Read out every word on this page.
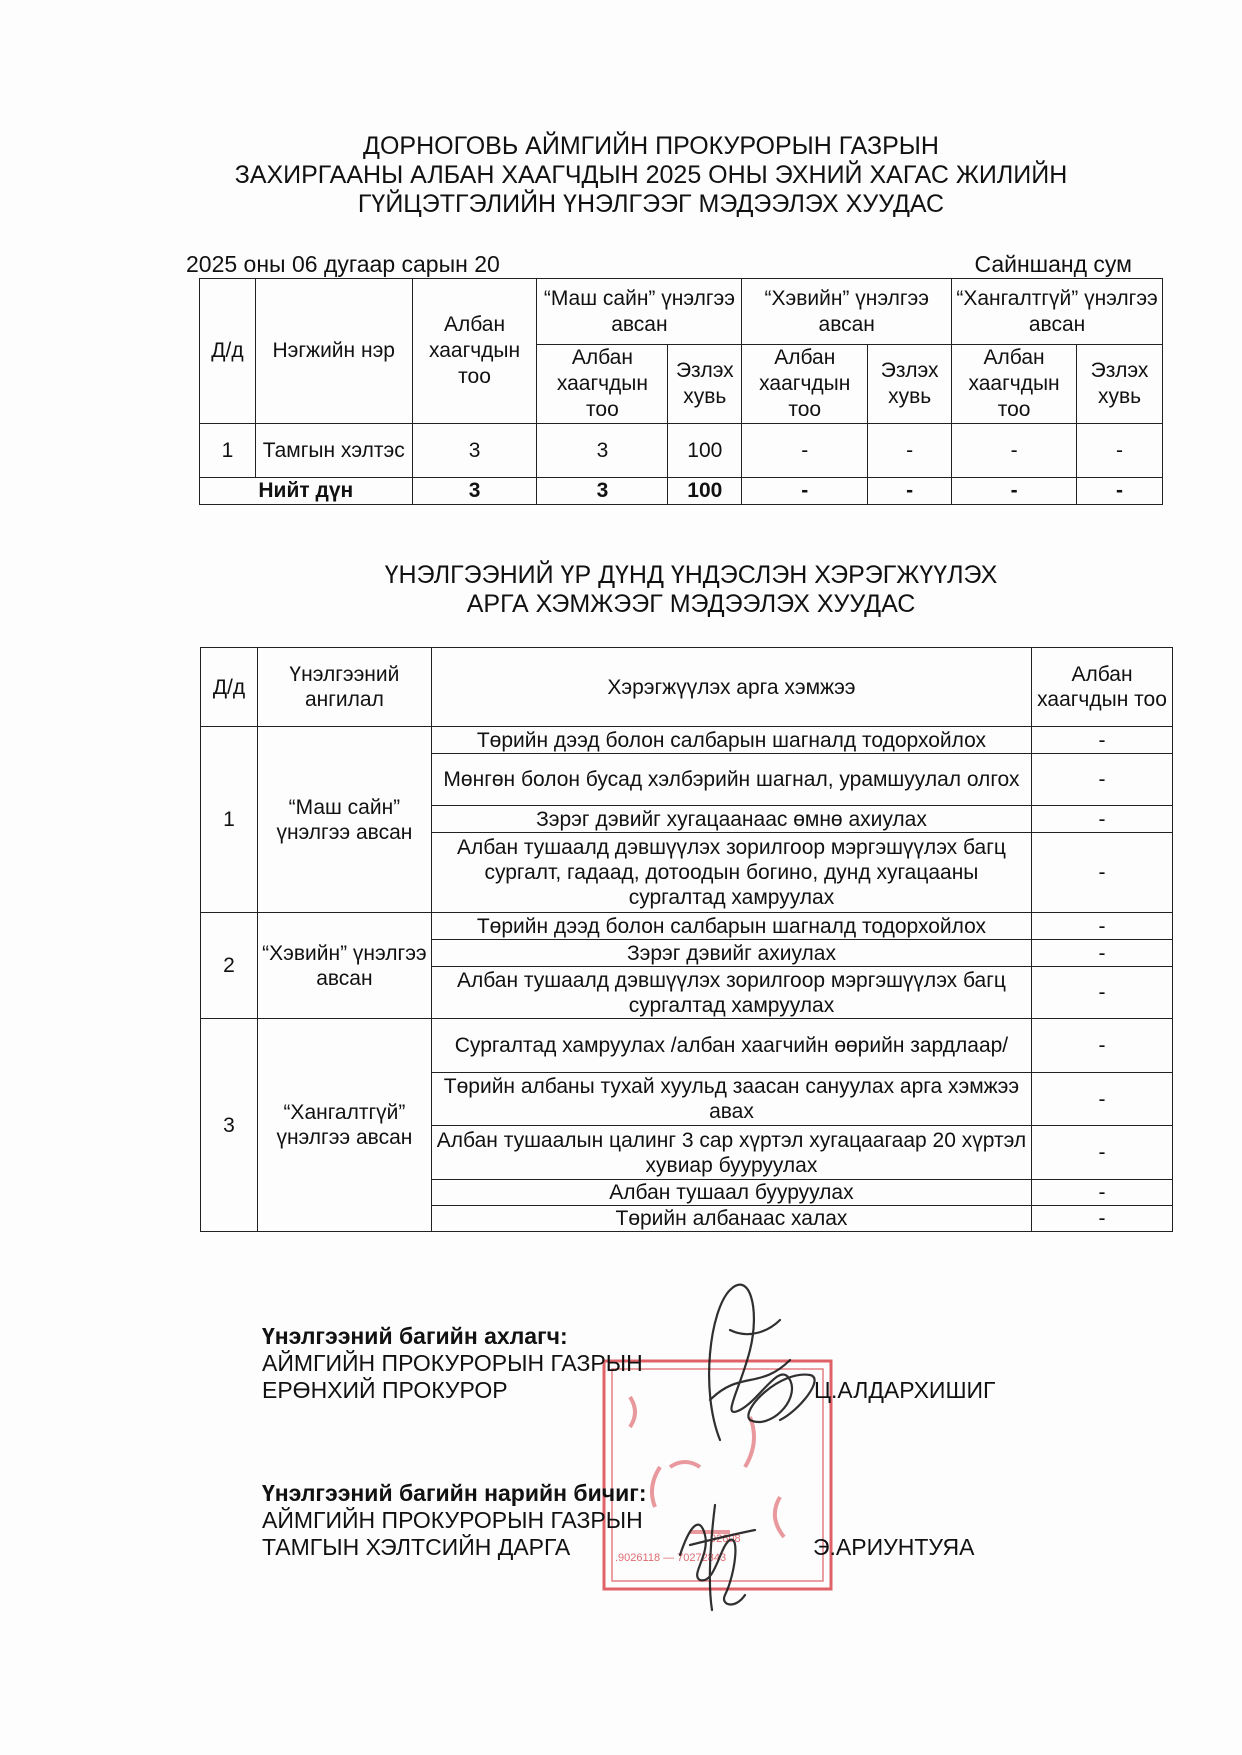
ДОРНОГОВЬ АЙМГИЙН ПРОКУРОРЫН ГАЗРЫН
ЗАХИРГААНЫ АЛБАН ХААГЧДЫН 2025 ОНЫ ЭХНИЙ ХАГАС ЖИЛИЙН
ГҮЙЦЭТГЭЛИЙН ҮНЭЛГЭЭГ МЭДЭЭЛЭХ ХУУДАС
2025 оны 06 дугаар сарын 20	Сайншанд сум
Д/д	Нэгжийн нэр	Албан хаагчдын тоо	“Маш сайн” үнэлгээ авсан		“Хэвийн” үнэлгээ авсан		“Хангалтгүй” үнэлгээ авсан	
			Албан хаагчдын тоо	Эзлэх хувь	Албан хаагчдын тоо	Эзлэх хувь	Албан хаагчдын тоо	Эзлэх хувь
1	Тамгын хэлтэс	3	3	100	-	-	-	-
Нийт дүн		3	3	100	-	-	-	-
ҮНЭЛГЭЭНИЙ ҮР ДҮНД ҮНДЭСЛЭН ХЭРЭГЖҮҮЛЭХ
АРГА ХЭМЖЭЭГ МЭДЭЭЛЭХ ХУУДАС
Д/д	Үнэлгээний ангилал	Хэрэгжүүлэх арга хэмжээ	Албан хаагчдын тоо
1	“Маш сайн” үнэлгээ авсан	Төрийн дээд болон салбарын шагналд тодорхойлох	-
		Мөнгөн болон бусад хэлбэрийн шагнал, урамшуулал олгох	-
		Зэрэг дэвийг хугацаанаас өмнө ахиулах	-
		Албан тушаалд дэвшүүлэх зорилгоор мэргэшүүлэх багц сургалт, гадаад, дотоодын богино, дунд хугацааны сургалтад хамруулах	-
2	“Хэвийн” үнэлгээ авсан	Төрийн дээд болон салбарын шагналд тодорхойлох	-
		Зэрэг дэвийг ахиулах	-
		Албан тушаалд дэвшүүлэх зорилгоор мэргэшүүлэх багц сургалтад хамруулах	-
3	“Хангалтгүй” үнэлгээ авсан	Сургалтад хамруулах /албан хаагчийн өөрийн зардлаар/	-
		Төрийн албаны тухай хуульд заасан сануулах арга хэмжээ авах	-
		Албан тушаалын цалинг 3 сар хүртэл хугацаагаар 20 хүртэл хувиар бууруулах	-
		Албан тушаал бууруулах	-
		Төрийн албанаас халах	-
.9026118 — 70272843
92608
Үнэлгээний багийн ахлагч:
АЙМГИЙН ПРОКУРОРЫН ГАЗРЫН
ЕРӨНХИЙ ПРОКУРОР	Ц.АЛДАРХИШИГ
Үнэлгээний багийн нарийн бичиг:
АЙМГИЙН ПРОКУРОРЫН ГАЗРЫН
ТАМГЫН ХЭЛТСИЙН ДАРГА	Э.АРИУНТУЯА
